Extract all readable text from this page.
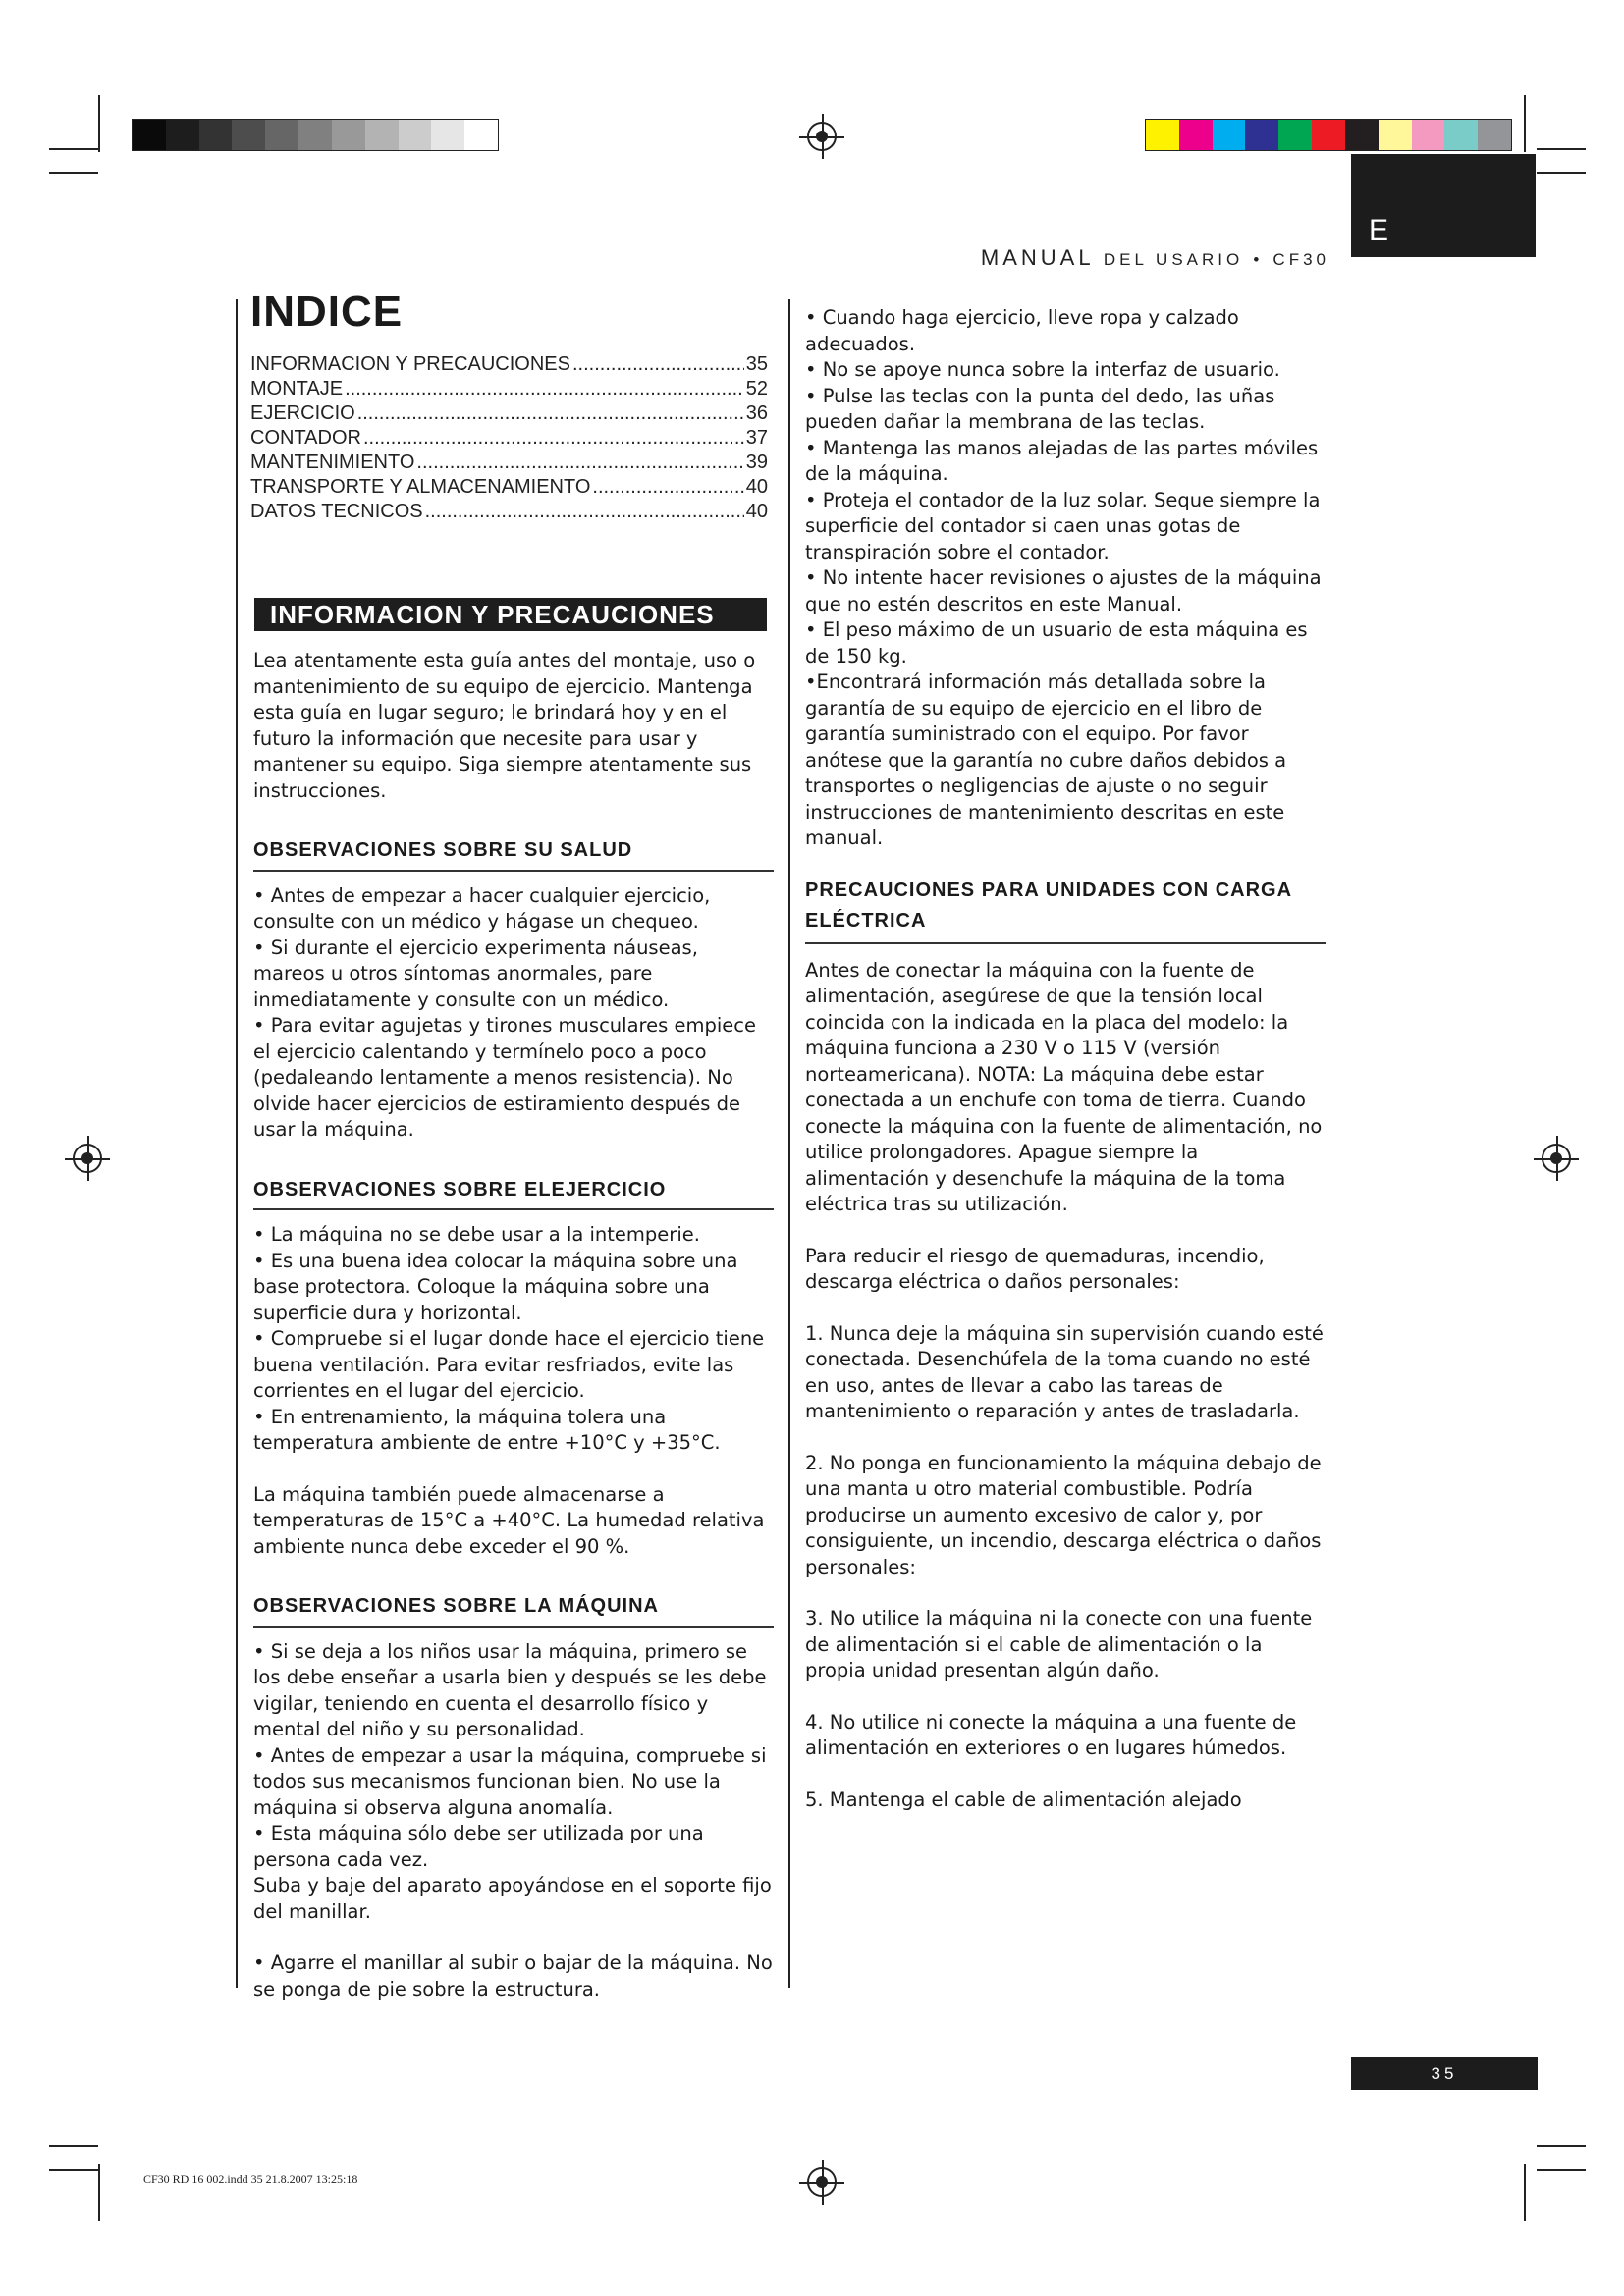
E
MANUAL DEL USARIO • CF30
INDICE
INFORMACION Y PRECAUCIONES .....	35
MONTAJE .....	52
EJERCICIO .....	36
CONTADOR .....	37
MANTENIMIENTO .....	39
TRANSPORTE Y ALMACENAMIENTO .....	40
DATOS TECNICOS .....	40
INFORMACION Y PRECAUCIONES

Lea atentamente esta guía antes del montaje, uso o mantenimiento de su equipo de ejercicio. Mantenga esta guía en lugar seguro; le brindará hoy y en el futuro la información que necesite para usar y mantener su equipo. Siga siempre atentamente sus instrucciones.

OBSERVACIONES SOBRE SU SALUD

• Antes de empezar a hacer cualquier ejercicio, consulte con un médico y hágase un chequeo.

• Si durante el ejercicio experimenta náuseas, mareos u otros síntomas anormales, pare inmediatamente y consulte con un médico.

• Para evitar agujetas y tirones musculares empiece el ejercicio calentando y termínelo poco a poco (pedaleando lentamente a menos resistencia). No olvide hacer ejercicios de estiramiento después de usar la máquina.

OBSERVACIONES SOBRE ELEJERCICIO

• La máquina no se debe usar a la intemperie.

• Es una buena idea colocar la máquina sobre una base protectora. Coloque la máquina sobre una superficie dura y horizontal.

• Compruebe si el lugar donde hace el ejercicio tiene buena ventilación. Para evitar resfriados, evite las corrientes en el lugar del ejercicio.

• En entrenamiento, la máquina tolera una temperatura ambiente de entre +10°C y +35°C.

La máquina también puede almacenarse a temperaturas de 15°C a +40°C. La humedad relativa ambiente nunca debe exceder el 90 %.

OBSERVACIONES SOBRE LA MÁQUINA

• Si se deja a los niños usar la máquina, primero se los debe enseñar a usarla bien y después se les debe vigilar, teniendo en cuenta el desarrollo físico y mental del niño y su personalidad.

• Antes de empezar a usar la máquina, compruebe si todos sus mecanismos funcionan bien. No use la máquina si observa alguna anomalía.

• Esta máquina sólo debe ser utilizada por una persona cada vez.

Suba y baje del aparato apoyándose en el soporte fijo del manillar.

• Agarre el manillar al subir o bajar de la máquina. No se ponga de pie sobre la estructura.

• Cuando haga ejercicio, lleve ropa y calzado adecuados.

• No se apoye nunca sobre la interfaz de usuario.

• Pulse las teclas con la punta del dedo, las uñas pueden dañar la membrana de las teclas.

• Mantenga las manos alejadas de las partes móviles de la máquina.

• Proteja el contador de la luz solar. Seque siempre la superficie del contador si caen unas gotas de transpiración sobre el contador.

• No intente hacer revisiones o ajustes de la máquina que no estén descritos en este Manual.

• El peso máximo de un usuario de esta máquina es de 150 kg.

•Encontrará información más detallada sobre la garantía de su equipo de ejercicio en el libro de garantía suministrado con el equipo. Por favor anótese que la garantía no cubre daños debidos a transportes o negligencias de ajuste o no seguir instrucciones de mantenimiento descritas en este manual.

PRECAUCIONES PARA UNIDADES CON CARGA ELÉCTRICA

Antes de conectar la máquina con la fuente de alimentación, asegúrese de que la tensión local coincida con la indicada en la placa del modelo: la máquina funciona a 230 V o 115 V (versión norteamericana). NOTA: La máquina debe estar conectada a un enchufe con toma de tierra. Cuando conecte la máquina con la fuente de alimentación, no utilice prolongadores. Apague siempre la alimentación y desenchufe la máquina de la toma eléctrica tras su utilización.

Para reducir el riesgo de quemaduras, incendio, descarga eléctrica o daños personales:

1. Nunca deje la máquina sin supervisión cuando esté conectada. Desenchúfela de la toma cuando no esté en uso, antes de llevar a cabo las tareas de mantenimiento o reparación y antes de trasladarla.

2. No ponga en funcionamiento la máquina debajo de una manta u otro material combustible. Podría producirse un aumento excesivo de calor y, por consiguiente, un incendio, descarga eléctrica o daños personales:

3. No utilice la máquina ni la conecte con una fuente de alimentación si el cable de alimentación o la propia unidad presentan algún daño.

4. No utilice ni conecte la máquina a una fuente de alimentación en exteriores o en lugares húmedos.

5. Mantenga el cable de alimentación alejado

35
CF30 RD 16 002.indd 35 21.8.2007 13:25:18
